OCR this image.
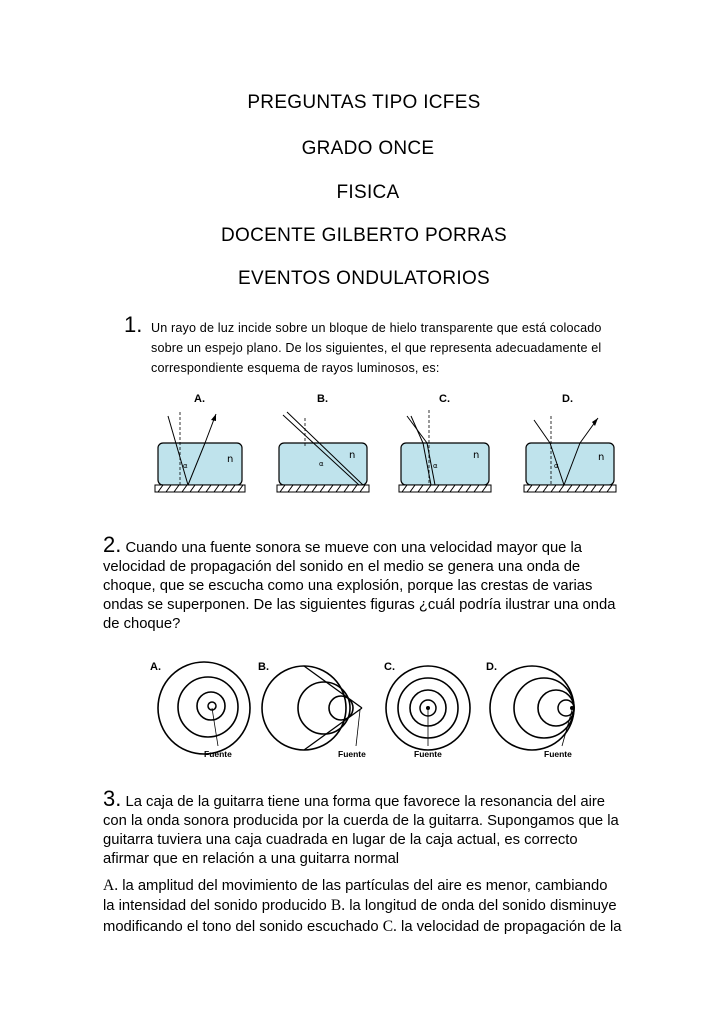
PREGUNTAS TIPO ICFES
GRADO ONCE
FISICA
DOCENTE GILBERTO PORRAS
EVENTOS ONDULATORIOS
1. Un rayo de luz incide sobre un bloque de hielo transparente que está colocado sobre un espejo plano. De los siguientes, el que representa adecuadamente el correspondiente esquema de rayos luminosos, es:
A.
α
n
B.
α
n
C.
α
n
D.
α
n
2. Cuando una fuente sonora se mueve con una velocidad mayor que la velocidad de propagación del sonido en el medio se genera una onda de choque, que se escucha como una explosión, porque las crestas de varias ondas se superponen. De las siguientes figuras ¿cuál podría ilustrar una onda de choque?
A.
Fuente
B.
Fuente
C.
Fuente
D.
Fuente
3. La caja de la guitarra tiene una forma que favorece la resonancia del aire con la onda sonora producida por la cuerda de la guitarra. Supongamos que la guitarra tuviera una caja cuadrada en lugar de la caja actual, es correcto afirmar que en relación a una guitarra normal
A. la amplitud del movimiento de las partículas del aire es menor, cambiando la intensidad del sonido producido B. la longitud de onda del sonido disminuye modificando el tono del sonido escuchado C. la velocidad de propagación de la
